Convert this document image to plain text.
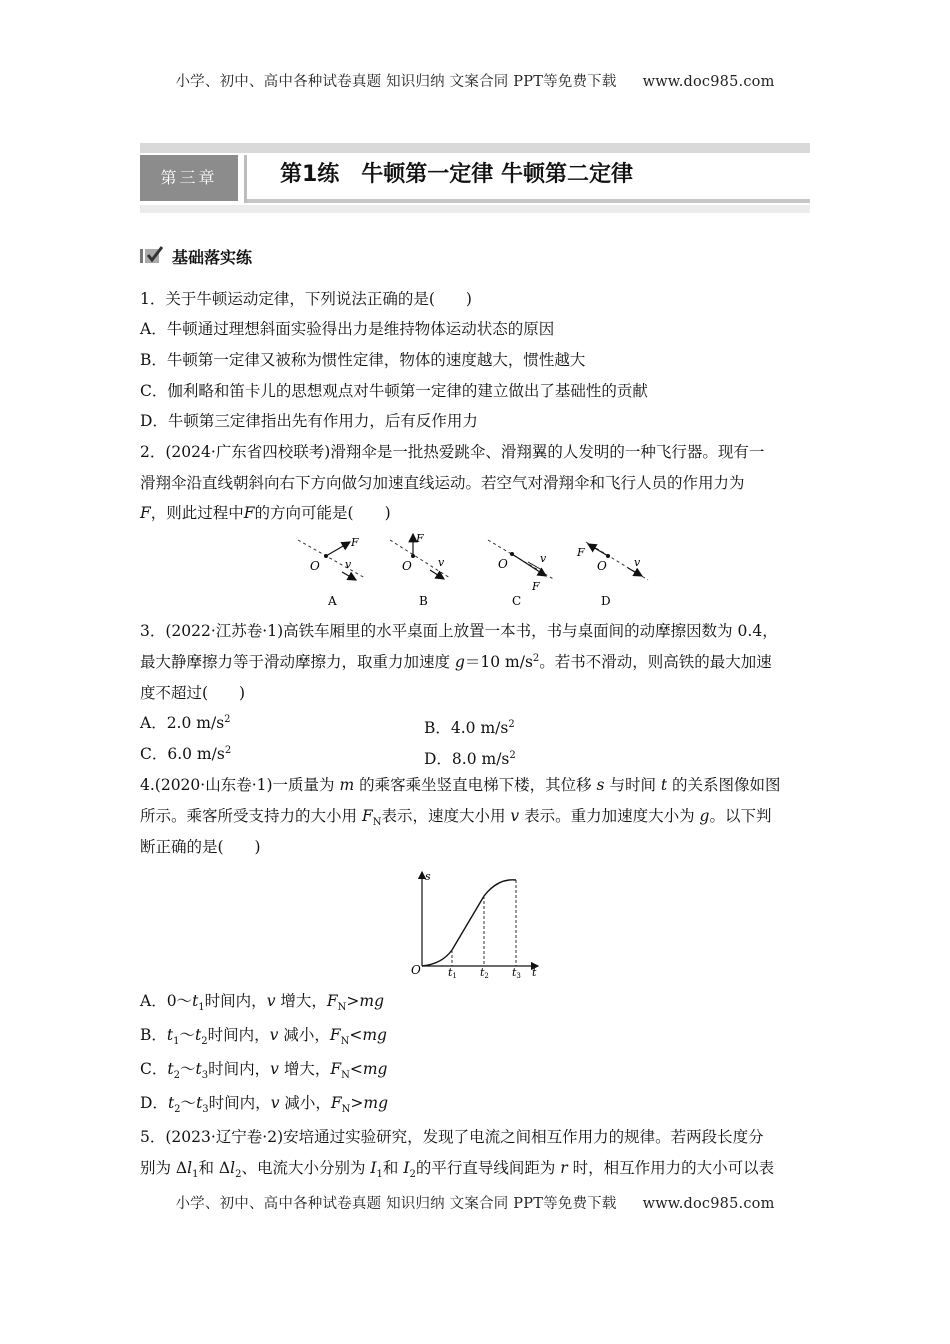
小学、初中、高中各种试卷真题 知识归纳 文案合同 PPT等免费下载 www.doc985.com
第三章	第1练　牛顿第一定律 牛顿第二定律
基础落实练
1．关于牛顿运动定律，下列说法正确的是(　　)
A．牛顿通过理想斜面实验得出力是维持物体运动状态的原因
B．牛顿第一定律又被称为惯性定律，物体的速度越大，惯性越大
C．伽利略和笛卡儿的思想观点对牛顿第一定律的建立做出了基础性的贡献
D．牛顿第三定律指出先有作用力，后有反作用力
2．(2024·广东省四校联考)滑翔伞是一批热爱跳伞、滑翔翼的人发明的一种飞行器。现有一
滑翔伞沿直线朝斜向右下方向做匀加速直线运动。若空气对滑翔伞和飞行人员的作用力为
F，则此过程中F的方向可能是(　　)
O
F
v
A
O
F
v
B
O
F
v
C
O
F
v
D
3．(2022·江苏卷·1)高铁车厢里的水平桌面上放置一本书，书与桌面间的动摩擦因数为 0.4，
最大静摩擦力等于滑动摩擦力，取重力加速度 g＝10 $m/s^2$。若书不滑动，则高铁的最大加速
度不超过(　　)
A．2.0 $m/s^2$	B．4.0 $m/s^2$
C．6.0 $m/s^2$	D．8.0 $m/s^2$
4.(2020·山东卷·1)一质量为 m 的乘客乘坐竖直电梯下楼，其位移 s 与时间 t 的关系图像如图
所示。乘客所受支持力的大小用 $F_N$表示，速度大小用 v 表示。重力加速度大小为 g。以下判
断正确的是(　　)
s
O	t
t1 t2 t3
A．$0\sim t_1$时间内，v 增大，$F_N>mg$
B．$t_1\sim t_2$时间内，v 减小，$F_N<mg$
C．$t_2\sim t_3$时间内，v 增大，$F_N<mg$
D．$t_2\sim t_3$时间内，v 减小，$F_N>mg$
5．(2023·辽宁卷·2)安培通过实验研究，发现了电流之间相互作用力的规律。若两段长度分
别为 $\Delta l_1$和 $\Delta l_2$、电流大小分别为 $I_1$和 $I_2$的平行直导线间距为 r 时，相互作用力的大小可以表
小学、初中、高中各种试卷真题 知识归纳 文案合同 PPT等免费下载 www.doc985.com
